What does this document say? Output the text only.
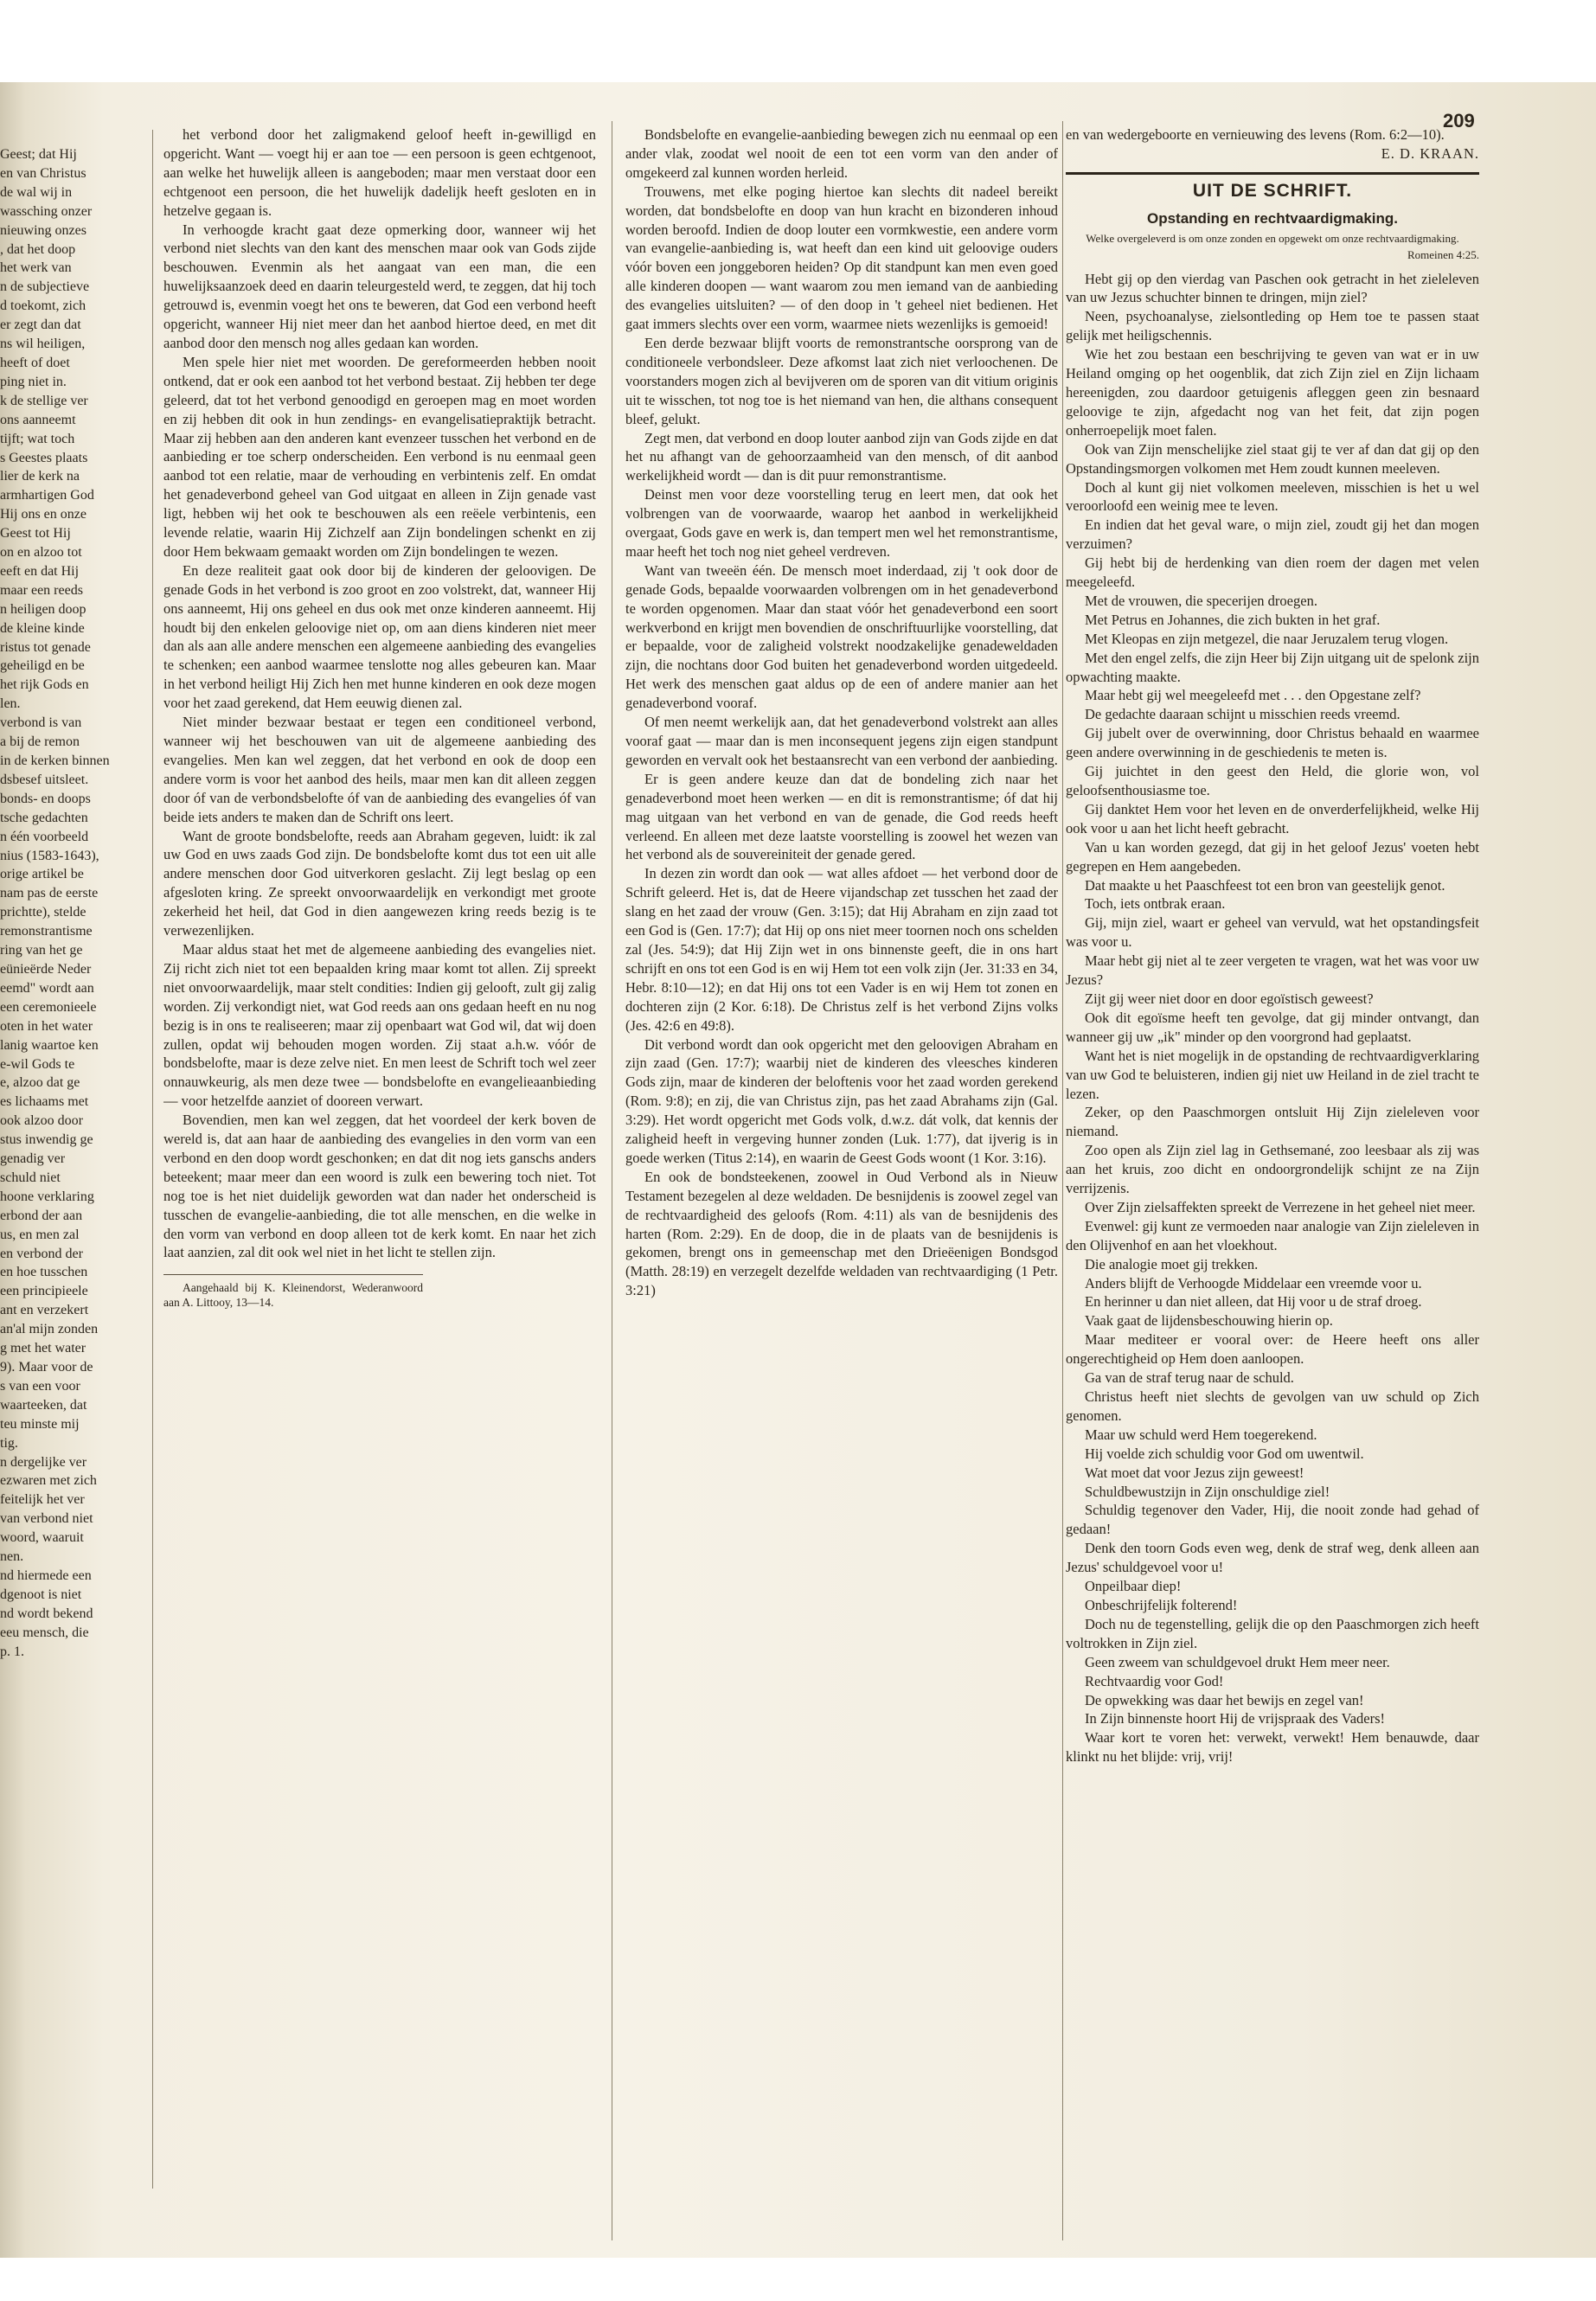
209

Geest; dat Hij

en van Christus

de wal wij in

wassching onzer

nieuwing onzes

, dat het doop

het werk van

n de subjectieve

d toekomt, zich

er zegt dan dat

ns wil heiligen,

heeft of doet

ping niet in.

k de stellige ver

ons aanneemt

tijft; wat toch

s Geestes plaats

lier de kerk na

armhartigen God

Hij ons en onze

Geest tot Hij

on en alzoo tot

eeft en dat Hij

maar een reeds

n heiligen doop

de kleine kinde

ristus tot genade

geheiligd en be

het rijk Gods en

len.

verbond is van

a bij de remon

in de kerken binnen

dsbesef uitsleet.

bonds- en doops

tsche gedachten

n één voorbeeld

nius (1583-1643),

orige artikel be

nam pas de eerste

prichtte), stelde

remonstrantisme

ring van het ge

eünieërde Neder

eemd" wordt aan

een ceremonieele

oten in het water

lanig waartoe ken

e-wil Gods te

e, alzoo dat ge

es lichaams met

ook alzoo door

stus inwendig ge

genadig ver

schuld niet

hoone verklaring

erbond der aan

us, en men zal

en verbond der

en hoe tusschen

een principieele

ant en verzekert

an'al mijn zonden

g met het water

9). Maar voor de

s van een voor

waarteeken, dat

teu minste mij

tig.

n dergelijke ver

ezwaren met zich

feitelijk het ver

van verbond niet

woord, waaruit

nen.

nd hiermede een

dgenoot is niet

nd wordt bekend

eeu mensch, die

p. 1.

het verbond door het zaligmakend geloof heeft in-gewilligd en opgericht. Want — voegt hij er aan toe — een persoon is geen echtgenoot, aan welke het huwelijk alleen is aangeboden; maar men verstaat door een echtgenoot een persoon, die het huwelijk dadelijk heeft gesloten en in hetzelve gegaan is.

In verhoogde kracht gaat deze opmerking door, wanneer wij het verbond niet slechts van den kant des menschen maar ook van Gods zijde beschouwen. Evenmin als het aangaat van een man, die een huwelijksaanzoek deed en daarin teleurgesteld werd, te zeggen, dat hij toch getrouwd is, evenmin voegt het ons te beweren, dat God een verbond heeft opgericht, wanneer Hij niet meer dan het aanbod hiertoe deed, en met dit aanbod door den mensch nog alles gedaan kan worden.

Men spele hier niet met woorden. De gereformeerden hebben nooit ontkend, dat er ook een aanbod tot het verbond bestaat. Zij hebben ter dege geleerd, dat tot het verbond genoodigd en geroepen mag en moet worden en zij hebben dit ook in hun zendings- en evangelisatiepraktijk betracht. Maar zij hebben aan den anderen kant evenzeer tusschen het verbond en de aanbieding er toe scherp onderscheiden. Een verbond is nu eenmaal geen aanbod tot een relatie, maar de verhouding en verbintenis zelf. En omdat het genadeverbond geheel van God uitgaat en alleen in Zijn genade vast ligt, hebben wij het ook te beschouwen als een reëele verbintenis, een levende relatie, waarin Hij Zichzelf aan Zijn bondelingen schenkt en zij door Hem bekwaam gemaakt worden om Zijn bondelingen te wezen.

En deze realiteit gaat ook door bij de kinderen der geloovigen. De genade Gods in het verbond is zoo groot en zoo volstrekt, dat, wanneer Hij ons aanneemt, Hij ons geheel en dus ook met onze kinderen aanneemt. Hij houdt bij den enkelen geloovige niet op, om aan diens kinderen niet meer dan als aan alle andere menschen een algemeene aanbieding des evangelies te schenken; een aanbod waarmee tenslotte nog alles gebeuren kan. Maar in het verbond heiligt Hij Zich hen met hunne kinderen en ook deze mogen voor het zaad gerekend, dat Hem eeuwig dienen zal.

Niet minder bezwaar bestaat er tegen een conditioneel verbond, wanneer wij het beschouwen van uit de algemeene aanbieding des evangelies. Men kan wel zeggen, dat het verbond en ook de doop een andere vorm is voor het aanbod des heils, maar men kan dit alleen zeggen door óf van de verbondsbelofte óf van de aanbieding des evangelies óf van beide iets anders te maken dan de Schrift ons leert.

Want de groote bondsbelofte, reeds aan Abraham gegeven, luidt: ik zal uw God en uws zaads God zijn. De bondsbelofte komt dus tot een uit alle andere menschen door God uitverkoren geslacht. Zij legt beslag op een afgesloten kring. Ze spreekt onvoorwaardelijk en verkondigt met groote zekerheid het heil, dat God in dien aangewezen kring reeds bezig is te verwezenlijken.

Maar aldus staat het met de algemeene aanbieding des evangelies niet. Zij richt zich niet tot een bepaalden kring maar komt tot allen. Zij spreekt niet onvoorwaardelijk, maar stelt condities: Indien gij gelooft, zult gij zalig worden. Zij verkondigt niet, wat God reeds aan ons gedaan heeft en nu nog bezig is in ons te realiseeren; maar zij openbaart wat God wil, dat wij doen zullen, opdat wij behouden mogen worden. Zij staat a.h.w. vóór de bondsbelofte, maar is deze zelve niet. En men leest de Schrift toch wel zeer onnauwkeurig, als men deze twee — bondsbelofte en evangelieaanbieding — voor hetzelfde aanziet of dooreen verwart.

Bovendien, men kan wel zeggen, dat het voordeel der kerk boven de wereld is, dat aan haar de aanbieding des evangelies in den vorm van een verbond en den doop wordt geschonken; en dat dit nog iets ganschs anders beteekent; maar meer dan een woord is zulk een bewering toch niet. Tot nog toe is het niet duidelijk geworden wat dan nader het onderscheid is tusschen de evangelie-aanbieding, die tot alle menschen, en die welke in den vorm van verbond en doop alleen tot de kerk komt. En naar het zich laat aanzien, zal dit ook wel niet in het licht te stellen zijn.

Aangehaald bij K. Kleinendorst, Wederanwoord aan A. Littooy, 13—14.

Bondsbelofte en evangelie-aanbieding bewegen zich nu eenmaal op een ander vlak, zoodat wel nooit de een tot een vorm van den ander of omgekeerd zal kunnen worden herleid.

Trouwens, met elke poging hiertoe kan slechts dit nadeel bereikt worden, dat bondsbelofte en doop van hun kracht en bizonderen inhoud worden beroofd. Indien de doop louter een vormkwestie, een andere vorm van evangelie-aanbieding is, wat heeft dan een kind uit geloovige ouders vóór boven een jonggeboren heiden? Op dit standpunt kan men even goed alle kinderen doopen — want waarom zou men iemand van de aanbieding des evangelies uitsluiten? — of den doop in 't geheel niet bedienen. Het gaat immers slechts over een vorm, waarmee niets wezenlijks is gemoeid!

Een derde bezwaar blijft voorts de remonstrantsche oorsprong van de conditioneele verbondsleer. Deze afkomst laat zich niet verloochenen. De voorstanders mogen zich al bevijveren om de sporen van dit vitium originis uit te wisschen, tot nog toe is het niemand van hen, die althans consequent bleef, gelukt.

Zegt men, dat verbond en doop louter aanbod zijn van Gods zijde en dat het nu afhangt van de gehoorzaamheid van den mensch, of dit aanbod werkelijkheid wordt — dan is dit puur remonstrantisme.

Deinst men voor deze voorstelling terug en leert men, dat ook het volbrengen van de voorwaarde, waarop het aanbod in werkelijkheid overgaat, Gods gave en werk is, dan tempert men wel het remonstrantisme, maar heeft het toch nog niet geheel verdreven.

Want van tweeën één. De mensch moet inderdaad, zij 't ook door de genade Gods, bepaalde voorwaarden volbrengen om in het genadeverbond te worden opgenomen. Maar dan staat vóór het genadeverbond een soort werkverbond en krijgt men bovendien de onschriftuurlijke voorstelling, dat er bepaalde, voor de zaligheid volstrekt noodzakelijke genadeweldaden zijn, die nochtans door God buiten het genadeverbond worden uitgedeeld. Het werk des menschen gaat aldus op de een of andere manier aan het genadeverbond vooraf.

Of men neemt werkelijk aan, dat het genadeverbond volstrekt aan alles vooraf gaat — maar dan is men inconsequent jegens zijn eigen standpunt geworden en vervalt ook het bestaansrecht van een verbond der aanbieding.

Er is geen andere keuze dan dat de bondeling zich naar het genadeverbond moet heen werken — en dit is remonstrantisme; óf dat hij mag uitgaan van het verbond en van de genade, die God reeds heeft verleend. En alleen met deze laatste voorstelling is zoowel het wezen van het verbond als de souvereiniteit der genade gered.

In dezen zin wordt dan ook — wat alles afdoet — het verbond door de Schrift geleerd. Het is, dat de Heere vijandschap zet tusschen het zaad der slang en het zaad der vrouw (Gen. 3:15); dat Hij Abraham en zijn zaad tot een God is (Gen. 17:7); dat Hij op ons niet meer toornen noch ons schelden zal (Jes. 54:9); dat Hij Zijn wet in ons binnenste geeft, die in ons hart schrijft en ons tot een God is en wij Hem tot een volk zijn (Jer. 31:33 en 34, Hebr. 8:10—12); en dat Hij ons tot een Vader is en wij Hem tot zonen en dochteren zijn (2 Kor. 6:18). De Christus zelf is het verbond Zijns volks (Jes. 42:6 en 49:8).

Dit verbond wordt dan ook opgericht met den geloovigen Abraham en zijn zaad (Gen. 17:7); waarbij niet de kinderen des vleesches kinderen Gods zijn, maar de kinderen der beloftenis voor het zaad worden gerekend (Rom. 9:8); en zij, die van Christus zijn, pas het zaad Abrahams zijn (Gal. 3:29). Het wordt opgericht met Gods volk, d.w.z. dát volk, dat kennis der zaligheid heeft in vergeving hunner zonden (Luk. 1:77), dat ijverig is in goede werken (Titus 2:14), en waarin de Geest Gods woont (1 Kor. 3:16).

En ook de bondsteekenen, zoowel in Oud Verbond als in Nieuw Testament bezegelen al deze weldaden. De besnijdenis is zoowel zegel van de rechtvaardigheid des geloofs (Rom. 4:11) als van de besnijdenis des harten (Rom. 2:29). En de doop, die in de plaats van de besnijdenis is gekomen, brengt ons in gemeenschap met den Drieëenigen Bondsgod (Matth. 28:19) en verzegelt dezelfde weldaden van rechtvaardiging (1 Petr. 3:21)

en van wedergeboorte en vernieuwing des levens (Rom. 6:2—10).

E. D. KRAAN.

UIT DE SCHRIFT.
Opstanding en rechtvaardigmaking.
Welke overgeleverd is om onze zonden en opgewekt om onze rechtvaardigmaking.
Romeinen 4:25.

Hebt gij op den vierdag van Paschen ook getracht in het zieleleven van uw Jezus schuchter binnen te dringen, mijn ziel?

Neen, psychoanalyse, zielsontleding op Hem toe te passen staat gelijk met heiligschennis.

Wie het zou bestaan een beschrijving te geven van wat er in uw Heiland omging op het oogenblik, dat zich Zijn ziel en Zijn lichaam hereenigden, zou daardoor getuigenis afleggen geen zin besnaard geloovige te zijn, afgedacht nog van het feit, dat zijn pogen onherroepelijk moet falen.

Ook van Zijn menschelijke ziel staat gij te ver af dan dat gij op den Opstandingsmorgen volkomen met Hem zoudt kunnen meeleven.

Doch al kunt gij niet volkomen meeleven, misschien is het u wel veroorloofd een weinig mee te leven.

En indien dat het geval ware, o mijn ziel, zoudt gij het dan mogen verzuimen?

Gij hebt bij de herdenking van dien roem der dagen met velen meegeleefd.

Met de vrouwen, die specerijen droegen.

Met Petrus en Johannes, die zich bukten in het graf.

Met Kleopas en zijn metgezel, die naar Jeruzalem terug vlogen.

Met den engel zelfs, die zijn Heer bij Zijn uitgang uit de spelonk zijn opwachting maakte.

Maar hebt gij wel meegeleefd met . . . den Opgestane zelf?

De gedachte daaraan schijnt u misschien reeds vreemd.

Gij jubelt over de overwinning, door Christus behaald en waarmee geen andere overwinning in de geschiedenis te meten is.

Gij juichtet in den geest den Held, die glorie won, vol geloofsenthousiasme toe.

Gij danktet Hem voor het leven en de onverderfelijkheid, welke Hij ook voor u aan het licht heeft gebracht.

Van u kan worden gezegd, dat gij in het geloof Jezus' voeten hebt gegrepen en Hem aangebeden.

Dat maakte u het Paaschfeest tot een bron van geestelijk genot.

Toch, iets ontbrak eraan.

Gij, mijn ziel, waart er geheel van vervuld, wat het opstandingsfeit was voor u.

Maar hebt gij niet al te zeer vergeten te vragen, wat het was voor uw Jezus?

Zijt gij weer niet door en door egoïstisch geweest?

Ook dit egoïsme heeft ten gevolge, dat gij minder ontvangt, dan wanneer gij uw „ik" minder op den voorgrond had geplaatst.

Want het is niet mogelijk in de opstanding de rechtvaardigverklaring van uw God te beluisteren, indien gij niet uw Heiland in de ziel tracht te lezen.

Zeker, op den Paaschmorgen ontsluit Hij Zijn zieleleven voor niemand.

Zoo open als Zijn ziel lag in Gethsemané, zoo leesbaar als zij was aan het kruis, zoo dicht en ondoorgrondelijk schijnt ze na Zijn verrijzenis.

Over Zijn zielsaffekten spreekt de Verrezene in het geheel niet meer.

Evenwel: gij kunt ze vermoeden naar analogie van Zijn zieleleven in den Olijvenhof en aan het vloekhout.

Die analogie moet gij trekken.

Anders blijft de Verhoogde Middelaar een vreemde voor u.

En herinner u dan niet alleen, dat Hij voor u de straf droeg.

Vaak gaat de lijdensbeschouwing hierin op.

Maar mediteer er vooral over: de Heere heeft ons aller ongerechtigheid op Hem doen aanloopen.

Ga van de straf terug naar de schuld.

Christus heeft niet slechts de gevolgen van uw schuld op Zich genomen.

Maar uw schuld werd Hem toegerekend.

Hij voelde zich schuldig voor God om uwentwil.

Wat moet dat voor Jezus zijn geweest!

Schuldbewustzijn in Zijn onschuldige ziel!

Schuldig tegenover den Vader, Hij, die nooit zonde had gehad of gedaan!

Denk den toorn Gods even weg, denk de straf weg, denk alleen aan Jezus' schuldgevoel voor u!

Onpeilbaar diep!

Onbeschrijfelijk folterend!

Doch nu de tegenstelling, gelijk die op den Paaschmorgen zich heeft voltrokken in Zijn ziel.

Geen zweem van schuldgevoel drukt Hem meer neer.

Rechtvaardig voor God!

De opwekking was daar het bewijs en zegel van!

In Zijn binnenste hoort Hij de vrijspraak des Vaders!

Waar kort te voren het: verwekt, verwekt! Hem benauwde, daar klinkt nu het blijde: vrij, vrij!
